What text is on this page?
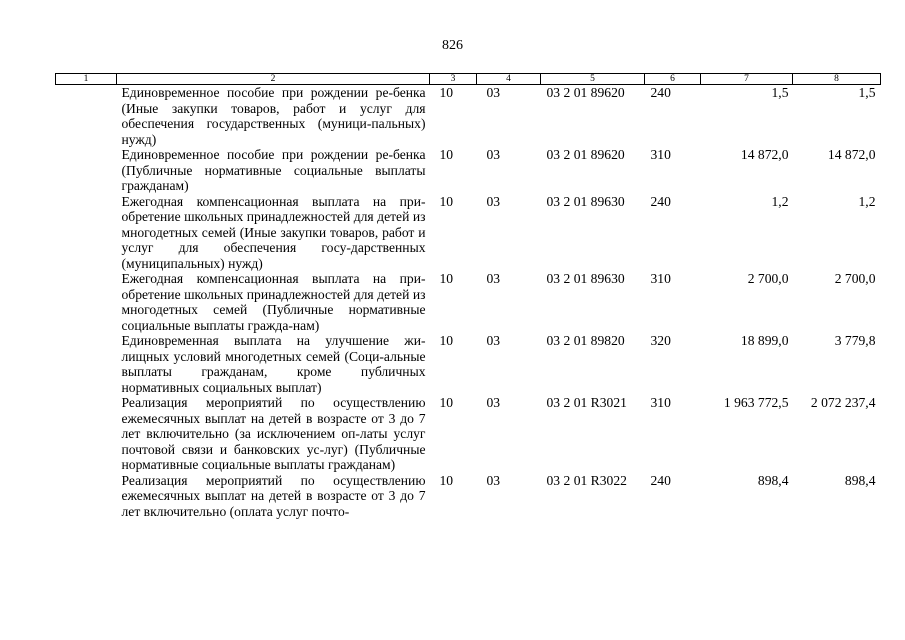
826
1	2	3	4	5	6	7	8
	Единовременное пособие при рождении ре-бенка (Иные закупки товаров, работ и услуг для обеспечения государственных (муници-пальных) нужд)	10	03	03 2 01 89620	240	1,5	1,5
	Единовременное пособие при рождении ре-бенка (Публичные нормативные социальные выплаты гражданам)	10	03	03 2 01 89620	310	14 872,0	14 872,0
	Ежегодная компенсационная выплата на при-обретение школьных принадлежностей для детей из многодетных семей (Иные закупки товаров, работ и услуг для обеспечения госу-дарственных (муниципальных) нужд)	10	03	03 2 01 89630	240	1,2	1,2
	Ежегодная компенсационная выплата на при-обретение школьных принадлежностей для детей из многодетных семей (Публичные нормативные социальные выплаты гражда-нам)	10	03	03 2 01 89630	310	2 700,0	2 700,0
	Единовременная выплата на улучшение жи-лищных условий многодетных семей (Соци-альные выплаты гражданам, кроме публичных нормативных социальных выплат)	10	03	03 2 01 89820	320	18 899,0	3 779,8
	Реализация мероприятий по осуществлению ежемесячных выплат на детей в возрасте от 3 до 7 лет включительно (за исключением оп-латы услуг почтовой связи и банковских ус-луг) (Публичные нормативные социальные выплаты гражданам)	10	03	03 2 01 R3021	310	1 963 772,5	2 072 237,4
	Реализация мероприятий по осуществлению ежемесячных выплат на детей в возрасте от 3 до 7 лет включительно (оплата услуг почто-	10	03	03 2 01 R3022	240	898,4	898,4
